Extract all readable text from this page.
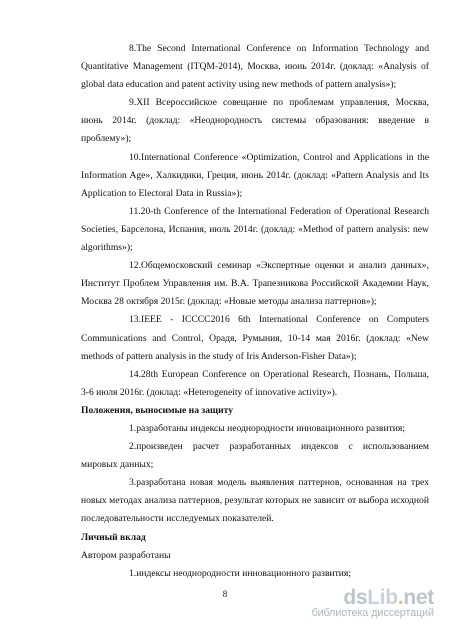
8.The Second International Conference on Information Technology and Quantitative Management (ITQM-2014), Москва, июнь 2014г. (доклад: «Analysis of global data education and patent activity using new methods of pattern analysis»);

9.XII Всероссийское совещание по проблемам управления, Москва, июнь 2014г. (доклад: «Неоднородность системы образования: введение в проблему»);

10.International Conference «Optimization, Control and Applications in the Information Age», Халкидики, Греция, июнь 2014г. (доклад: «Pattern Analysis and Its Application to Electoral Data in Russia»);

11.20-th Conference of the International Federation of Operational Research Societies, Барселона, Испания, июль 2014г. (доклад: «Method of pattern analysis: new algorithms»);

12.Общемосковский семинар «Экспертные оценки и анализ данных», Институт Проблем Управления им. В.А. Трапезникова Российской Академии Наук, Москва 28 октября 2015г. (доклад: «Новые методы анализа паттернов»);

13.IEEE - ICCCC2016 6th International Conference on Computers Communications and Control, Орадя, Румыния, 10-14 мая 2016г. (доклад: «New methods of pattern analysis in the study of Iris Anderson-Fisher Data»);

14.28th European Conference on Operational Research, Познань, Польша, 3-6 июля 2016г. (доклад: «Heterogeneity of innovative activity»).

Положения, выносимые на защиту

1.разработаны индексы неоднородности инновационного развития;

2.произведен расчет разработанных индексов с использованием мировых данных;

3.разработана новая модель выявления паттернов, основанная на трех новых методах анализа паттернов, результат которых не зависит от выбора исходной последовательности исследуемых показателей.

Личный вклад

Автором разработаны

1.индексы неоднородности инновационного развития;

8	dsLib.net
библиотека диссертаций
